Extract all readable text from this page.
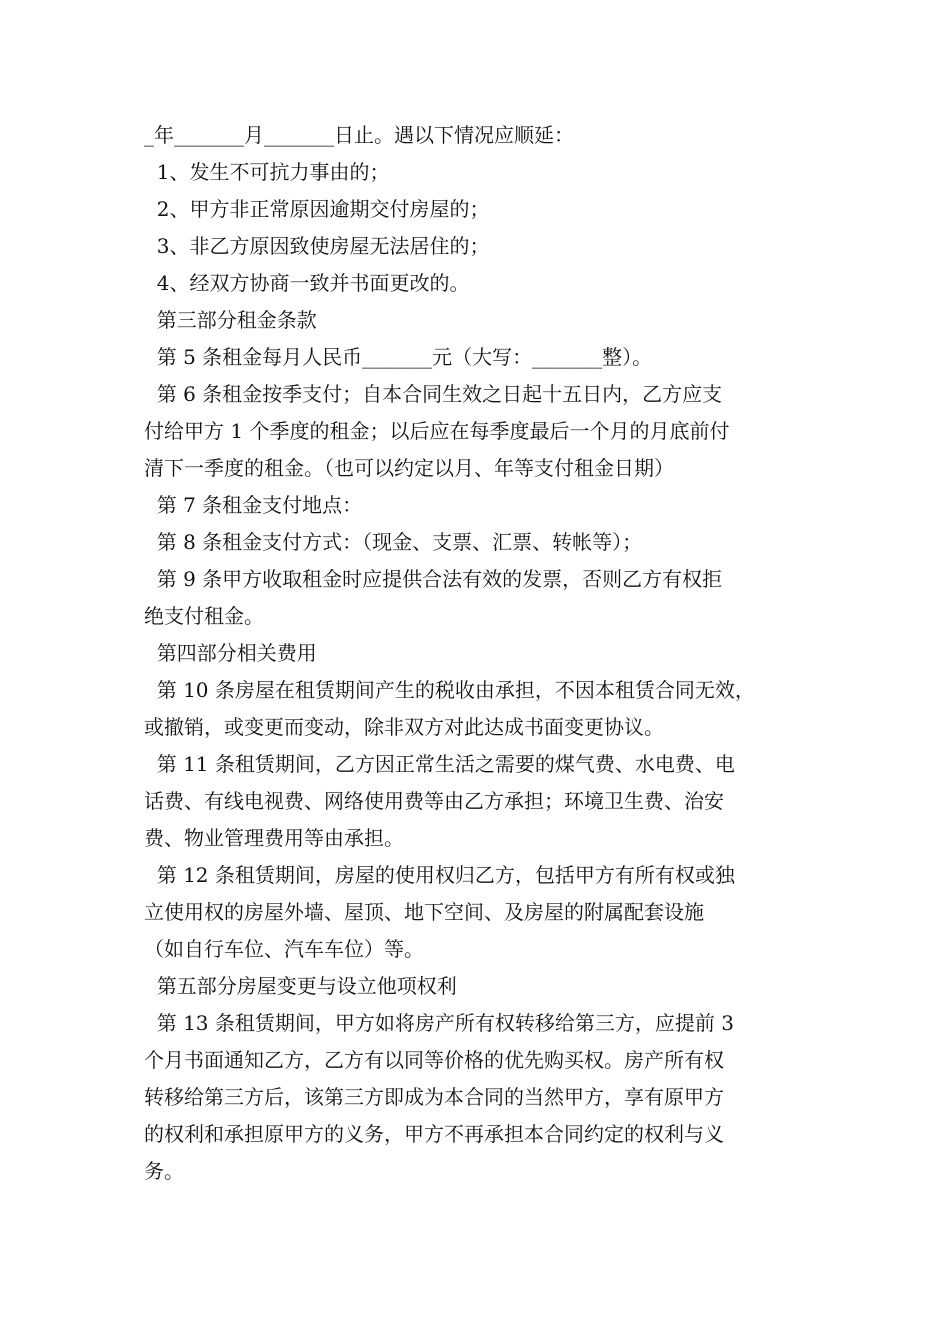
_年_______月_______日止。遇以下情况应顺延：
1、发生不可抗力事由的；
2、甲方非正常原因逾期交付房屋的；
3、非乙方原因致使房屋无法居住的；
4、经双方协商一致并书面更改的。
第三部分租金条款
第 5 条租金每月人民币_______元（大写：_______整）。
第 6 条租金按季支付；自本合同生效之日起十五日内，乙方应支
付给甲方 1 个季度的租金；以后应在每季度最后一个月的月底前付
清下一季度的租金。（也可以约定以月、年等支付租金日期）
第 7 条租金支付地点：
第 8 条租金支付方式：（现金、支票、汇票、转帐等）；
第 9 条甲方收取租金时应提供合法有效的发票，否则乙方有权拒
绝支付租金。
第四部分相关费用
第 10 条房屋在租赁期间产生的税收由承担，不因本租赁合同无效，
或撤销，或变更而变动，除非双方对此达成书面变更协议。
第 11 条租赁期间，乙方因正常生活之需要的煤气费、水电费、电
话费、有线电视费、网络使用费等由乙方承担；环境卫生费、治安
费、物业管理费用等由承担。
第 12 条租赁期间，房屋的使用权归乙方，包括甲方有所有权或独
立使用权的房屋外墙、屋顶、地下空间、及房屋的附属配套设施
（如自行车位、汽车车位）等。
第五部分房屋变更与设立他项权利
第 13 条租赁期间，甲方如将房产所有权转移给第三方，应提前 3
个月书面通知乙方，乙方有以同等价格的优先购买权。房产所有权
转移给第三方后，该第三方即成为本合同的当然甲方，享有原甲方
的权利和承担原甲方的义务，甲方不再承担本合同约定的权利与义
务。
